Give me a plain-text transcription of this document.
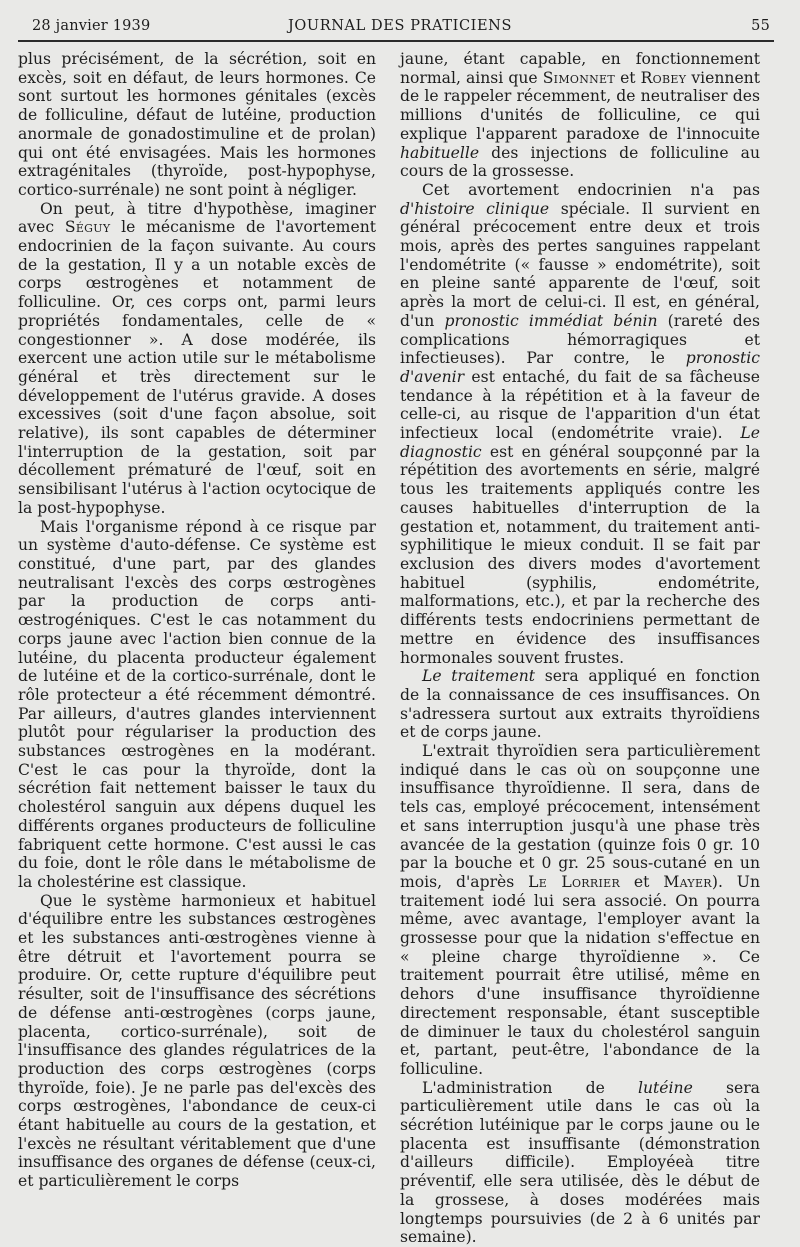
28 janvier 1939	JOURNAL DES PRATICIENS	55

plus précisément, de la sécrétion, soit en excès, soit en défaut, de leurs hormones. Ce sont surtout les hormones génitales (excès de folliculine, défaut de lutéine, production anormale de gonadostimuline et de prolan) qui ont été envisagées. Mais les hormones extragénitales (thyroïde, post-hypophyse, cortico-surrénale) ne sont point à négliger.

On peut, à titre d'hypothèse, imaginer avec Séguy le mécanisme de l'avortement endocrinien de la façon suivante. Au cours de la gestation, Il y a un notable excès de corps œstrogènes et notamment de folliculine. Or, ces corps ont, parmi leurs propriétés fondamentales, celle de « congestionner ». A dose modérée, ils exercent une action utile sur le métabolisme général et très directement sur le développement de l'utérus gravide. A doses excessives (soit d'une façon absolue, soit relative), ils sont capables de déterminer l'interruption de la gestation, soit par décollement prématuré de l'œuf, soit en sensibilisant l'utérus à l'action ocytocique de la post-hypophyse.

Mais l'organisme répond à ce risque par un système d'auto-défense. Ce système est constitué, d'une part, par des glandes neutralisant l'excès des corps œstrogènes par la production de corps anti-œstrogéniques. C'est le cas notamment du corps jaune avec l'action bien connue de la lutéine, du placenta producteur également de lutéine et de la cortico-surrénale, dont le rôle protecteur a été récemment démontré. Par ailleurs, d'autres glandes interviennent plutôt pour régulariser la production des substances œstrogènes en la modérant. C'est le cas pour la thyroïde, dont la sécrétion fait nettement baisser le taux du cholestérol sanguin aux dépens duquel les différents organes producteurs de folliculine fabriquent cette hormone. C'est aussi le cas du foie, dont le rôle dans le métabolisme de la cholestérine est classique.

Que le système harmonieux et habituel d'équilibre entre les substances œstrogènes et les substances anti-œstrogènes vienne à être détruit et l'avortement pourra se produire. Or, cette rupture d'équilibre peut résulter, soit de l'insuffisance des sécrétions de défense anti-œstrogènes (corps jaune, placenta, cortico-surrénale), soit de l'insuffisance des glandes régulatrices de la production des corps œstrogènes (corps thyroïde, foie). Je ne parle pas del'excès des corps œstrogènes, l'abondance de ceux-ci étant habituelle au cours de la gestation, et l'excès ne résultant véritablement que d'une insuffisance des organes de défense (ceux-ci, et particulièrement le corps

jaune, étant capable, en fonctionnement normal, ainsi que Simonnet et Robey viennent de le rappeler récemment, de neutraliser des millions d'unités de folliculine, ce qui explique l'apparent paradoxe de l'innocuite habituelle des injections de folliculine au cours de la grossesse.

Cet avortement endocrinien n'a pas d'histoire clinique spéciale. Il survient en général précocement entre deux et trois mois, après des pertes sanguines rappelant l'endométrite (« fausse » endométrite), soit en pleine santé apparente de l'œuf, soit après la mort de celui-ci. Il est, en général, d'un pronostic immédiat bénin (rareté des complications hémorragiques et infectieuses). Par contre, le pronostic d'avenir est entaché, du fait de sa fâcheuse tendance à la répétition et à la faveur de celle-ci, au risque de l'apparition d'un état infectieux local (endométrite vraie). Le diagnostic est en général soupçonné par la répétition des avortements en série, malgré tous les traitements appliqués contre les causes habituelles d'interruption de la gestation et, notamment, du traitement anti-syphilitique le mieux conduit. Il se fait par exclusion des divers modes d'avortement habituel (syphilis, endométrite, malformations, etc.), et par la recherche des différents tests endocriniens permettant de mettre en évidence des insuffisances hormonales souvent frustes.

Le traitement sera appliqué en fonction de la connaissance de ces insuffisances. On s'adressera surtout aux extraits thyroïdiens et de corps jaune.

L'extrait thyroïdien sera particulièrement indiqué dans le cas où on soupçonne une insuffisance thyroïdienne. Il sera, dans de tels cas, employé précocement, intensément et sans interruption jusqu'à une phase très avancée de la gestation (quinze fois 0 gr. 10 par la bouche et 0 gr. 25 sous-cutané en un mois, d'après Le Lorrier et Mayer). Un traitement iodé lui sera associé. On pourra même, avec avantage, l'employer avant la grossesse pour que la nidation s'effectue en « pleine charge thyroïdienne ». Ce traitement pourrait être utilisé, même en dehors d'une insuffisance thyroïdienne directement responsable, étant susceptible de diminuer le taux du cholestérol sanguin et, partant, peut-être, l'abondance de la folliculine.

L'administration de lutéine sera particulièrement utile dans le cas où la sécrétion lutéinique par le corps jaune ou le placenta est insuffisante (démonstration d'ailleurs difficile). Employéeà titre préventif, elle sera utilisée, dès le début de la grossese, à doses modérées mais longtemps poursuivies (de 2 à 6 unités par semaine).
